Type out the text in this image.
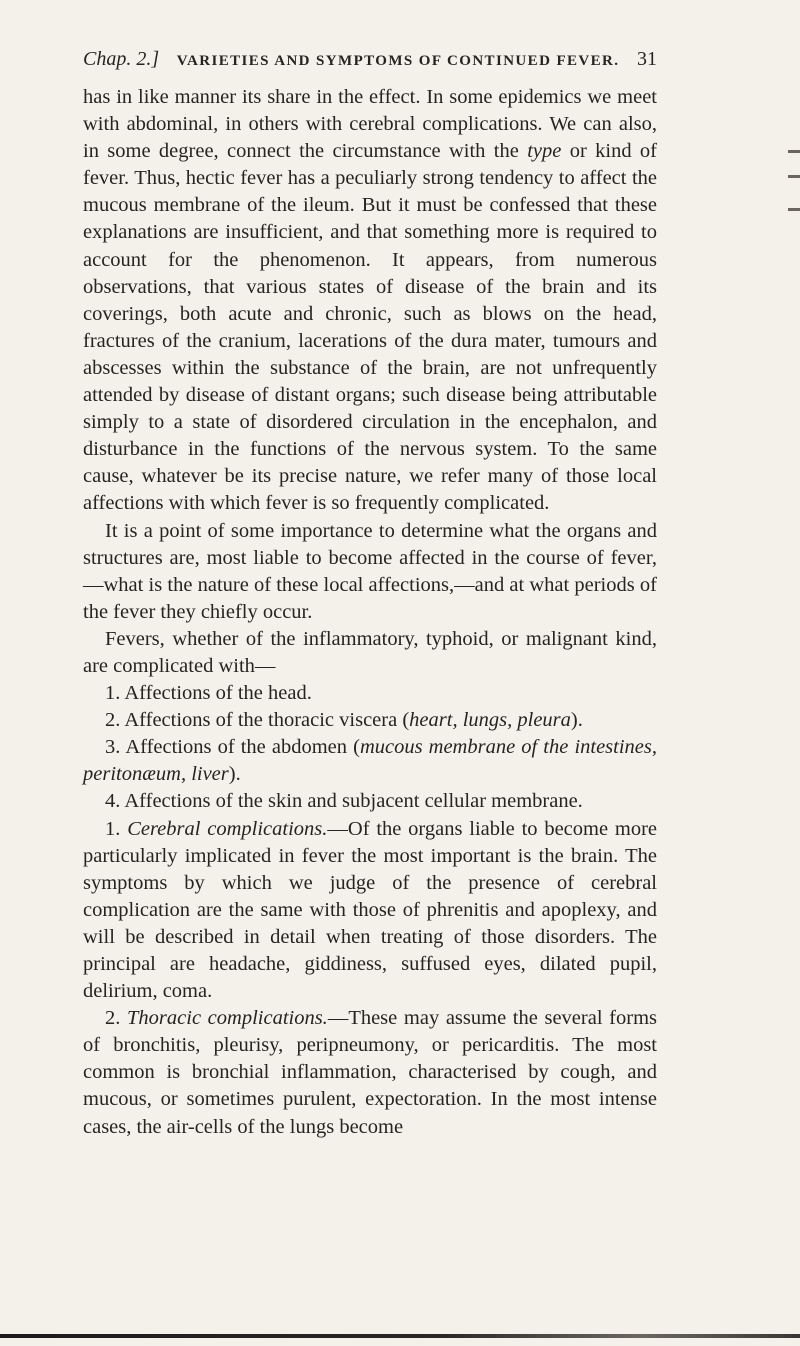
Chap. 2.] VARIETIES AND SYMPTOMS OF CONTINUED FEVER. 31

has in like manner its share in the effect. In some epidemics we meet with abdominal, in others with cerebral complications. We can also, in some degree, connect the circumstance with the type or kind of fever. Thus, hectic fever has a peculiarly strong tendency to affect the mucous membrane of the ileum. But it must be confessed that these explanations are insufficient, and that something more is required to account for the phenomenon. It appears, from numerous observations, that various states of disease of the brain and its coverings, both acute and chronic, such as blows on the head, fractures of the cranium, lacerations of the dura mater, tumours and abscesses within the substance of the brain, are not unfrequently attended by disease of distant organs; such disease being attributable simply to a state of disordered circulation in the encephalon, and disturbance in the functions of the nervous system. To the same cause, whatever be its precise nature, we refer many of those local affections with which fever is so frequently complicated.

It is a point of some importance to determine what the organs and structures are, most liable to become affected in the course of fever,—what is the nature of these local affections,—and at what periods of the fever they chiefly occur.

Fevers, whether of the inflammatory, typhoid, or malignant kind, are complicated with—

1. Affections of the head.

2. Affections of the thoracic viscera (heart, lungs, pleura).

3. Affections of the abdomen (mucous membrane of the intestines, peritonæum, liver).

4. Affections of the skin and subjacent cellular membrane.

1. Cerebral complications.—Of the organs liable to become more particularly implicated in fever the most important is the brain. The symptoms by which we judge of the presence of cerebral complication are the same with those of phrenitis and apoplexy, and will be described in detail when treating of those disorders. The principal are headache, giddiness, suffused eyes, dilated pupil, delirium, coma.

2. Thoracic complications.—These may assume the several forms of bronchitis, pleurisy, peripneumony, or pericarditis. The most common is bronchial inflammation, characterised by cough, and mucous, or sometimes purulent, expectoration. In the most intense cases, the air-cells of the lungs become
